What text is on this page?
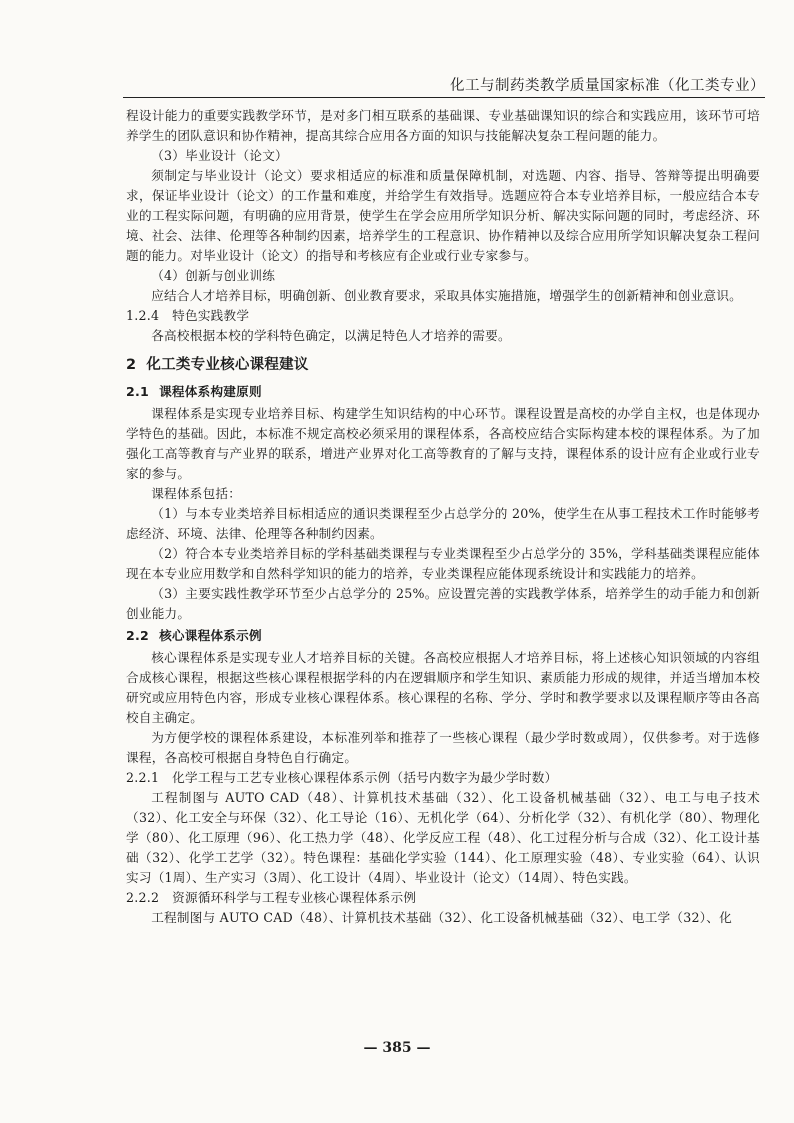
化工与制药类教学质量国家标准（化工类专业）

程设计能力的重要实践教学环节，是对多门相互联系的基础课、专业基础课知识的综合和实践应用，该环节可培养学生的团队意识和协作精神，提高其综合应用各方面的知识与技能解决复杂工程问题的能力。

（3）毕业设计（论文）

须制定与毕业设计（论文）要求相适应的标准和质量保障机制，对选题、内容、指导、答辩等提出明确要求，保证毕业设计（论文）的工作量和难度，并给学生有效指导。选题应符合本专业培养目标，一般应结合本专业的工程实际问题，有明确的应用背景，使学生在学会应用所学知识分析、解决实际问题的同时，考虑经济、环境、社会、法律、伦理等各种制约因素，培养学生的工程意识、协作精神以及综合应用所学知识解决复杂工程问题的能力。对毕业设计（论文）的指导和考核应有企业或行业专家参与。

（4）创新与创业训练

应结合人才培养目标，明确创新、创业教育要求，采取具体实施措施，增强学生的创新精神和创业意识。

1.2.4　特色实践教学

各高校根据本校的学科特色确定，以满足特色人才培养的需要。

2 化工类专业核心课程建议

2.1 课程体系构建原则

课程体系是实现专业培养目标、构建学生知识结构的中心环节。课程设置是高校的办学自主权，也是体现办学特色的基础。因此，本标准不规定高校必须采用的课程体系，各高校应结合实际构建本校的课程体系。为了加强化工高等教育与产业界的联系，增进产业界对化工高等教育的了解与支持，课程体系的设计应有企业或行业专家的参与。

课程体系包括：

（1）与本专业类培养目标相适应的通识类课程至少占总学分的 20%，使学生在从事工程技术工作时能够考虑经济、环境、法律、伦理等各种制约因素。

（2）符合本专业类培养目标的学科基础类课程与专业类课程至少占总学分的 35%，学科基础类课程应能体现在本专业应用数学和自然科学知识的能力的培养，专业类课程应能体现系统设计和实践能力的培养。

（3）主要实践性教学环节至少占总学分的 25%。应设置完善的实践教学体系，培养学生的动手能力和创新创业能力。

2.2 核心课程体系示例

核心课程体系是实现专业人才培养目标的关键。各高校应根据人才培养目标，将上述核心知识领域的内容组合成核心课程，根据这些核心课程根据学科的内在逻辑顺序和学生知识、素质能力形成的规律，并适当增加本校研究或应用特色内容，形成专业核心课程体系。核心课程的名称、学分、学时和教学要求以及课程顺序等由各高校自主确定。

为方便学校的课程体系建设，本标准列举和推荐了一些核心课程（最少学时数或周），仅供参考。对于选修课程，各高校可根据自身特色自行确定。

2.2.1　化学工程与工艺专业核心课程体系示例（括号内数字为最少学时数）

工程制图与 AUTO CAD（48）、计算机技术基础（32）、化工设备机械基础（32）、电工与电子技术（32）、化工安全与环保（32）、化工导论（16）、无机化学（64）、分析化学（32）、有机化学（80）、物理化学（80）、化工原理（96）、化工热力学（48）、化学反应工程（48）、化工过程分析与合成（32）、化工设计基础（32）、化学工艺学（32）。特色课程：基础化学实验（144）、化工原理实验（48）、专业实验（64）、认识实习（1周）、生产实习（3周）、化工设计（4周）、毕业设计（论文）（14周）、特色实践。

2.2.2　资源循环科学与工程专业核心课程体系示例

工程制图与 AUTO CAD（48）、计算机技术基础（32）、化工设备机械基础（32）、电工学（32）、化

— 385 —
